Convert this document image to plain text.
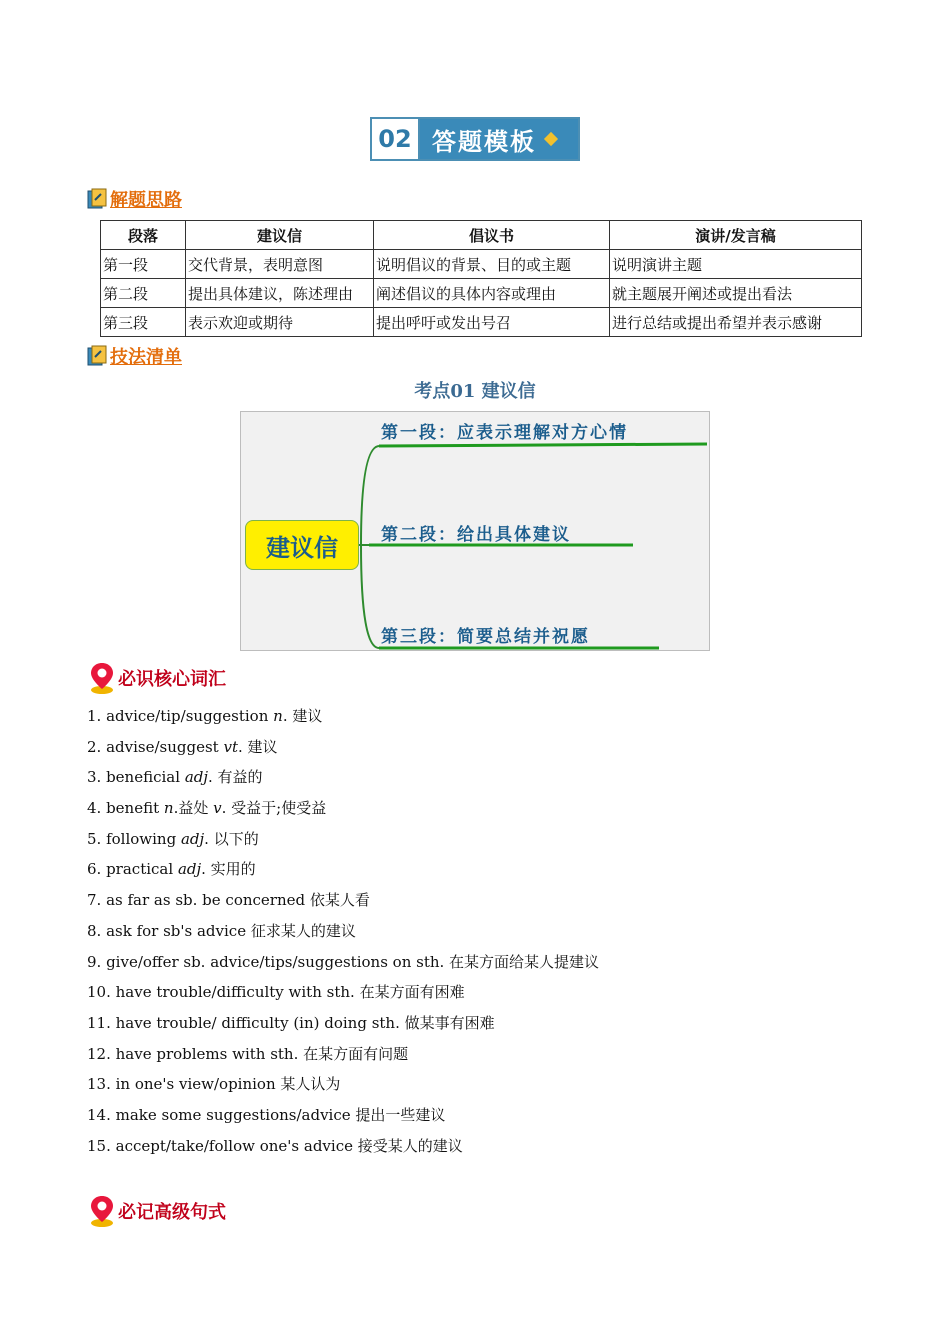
02 答题模板
解题思路
段落	建议信	倡议书	演讲/发言稿
第一段	交代背景，表明意图	说明倡议的背景、目的或主题	说明演讲主题
第二段	提出具体建议，陈述理由	阐述倡议的具体内容或理由	就主题展开阐述或提出看法
第三段	表示欢迎或期待	提出呼吁或发出号召	进行总结或提出希望并表示感谢
技法清单
考点01 建议信
建议信
第一段：应表示理解对方心情
第二段：给出具体建议
第三段：简要总结并祝愿
必识核心词汇
1. advice/tip/suggestion n. 建议
2. advise/suggest vt. 建议
3. beneficial adj. 有益的
4. benefit n.益处 v. 受益于;使受益
5. following adj. 以下的
6. practical adj. 实用的
7. as far as sb. be concerned 依某人看
8. ask for sb's advice 征求某人的建议
9. give/offer sb. advice/tips/suggestions on sth. 在某方面给某人提建议
10. have trouble/difficulty with sth. 在某方面有困难
11. have trouble/ difficulty (in) doing sth. 做某事有困难
12. have problems with sth. 在某方面有问题
13. in one's view/opinion 某人认为
14. make some suggestions/advice 提出一些建议
15. accept/take/follow one's advice 接受某人的建议
必记高级句式
